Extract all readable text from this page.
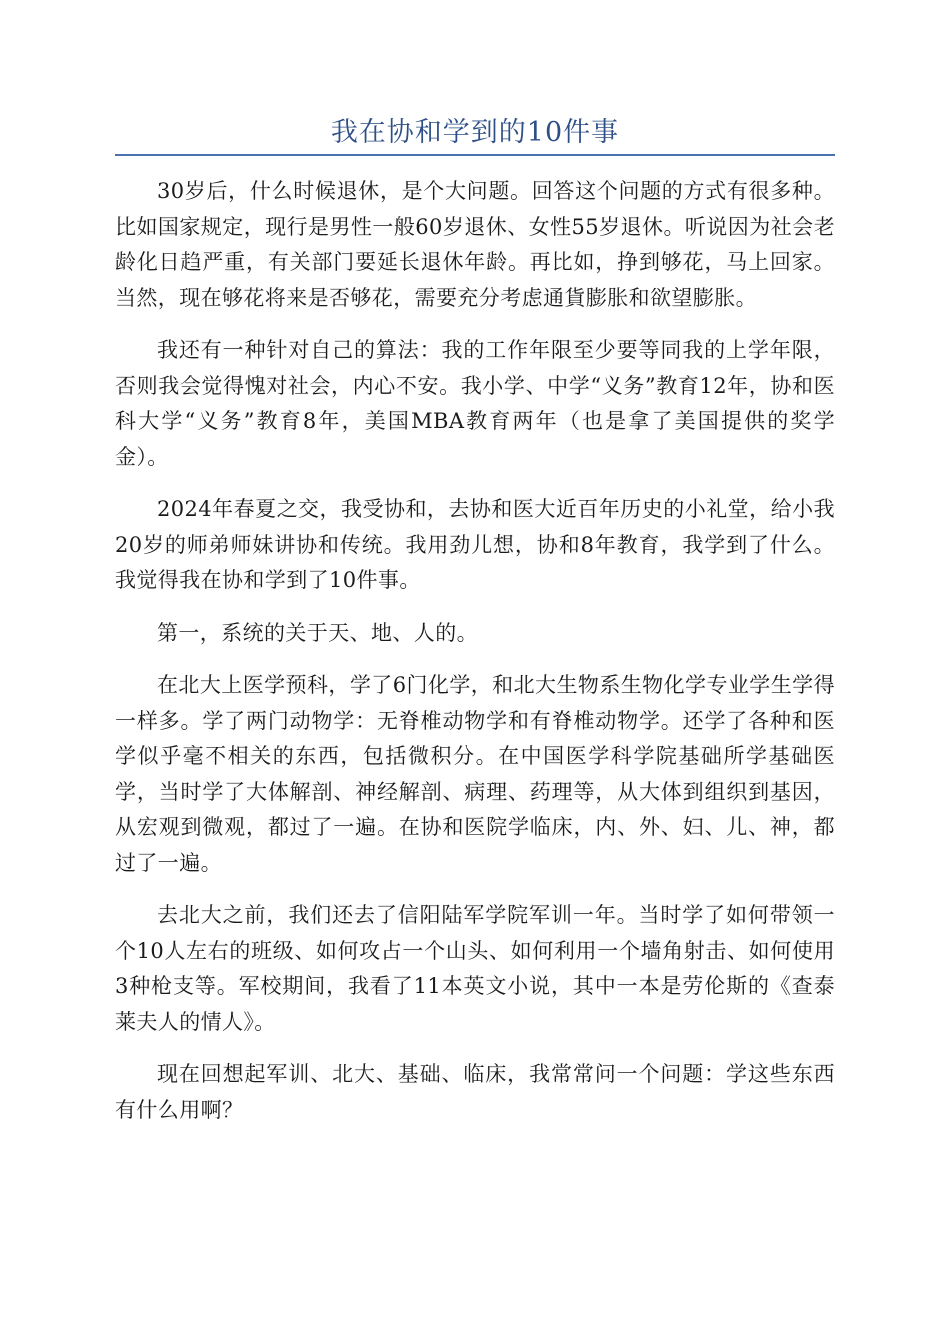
我在协和学到的10件事

30岁后，什么时候退休，是个大问题。回答这个问题的方式有很多种。比如国家规定，现行是男性一般60岁退休、女性55岁退休。听说因为社会老龄化日趋严重，有关部门要延长退休年龄。再比如，挣到够花，马上回家。当然，现在够花将来是否够花，需要充分考虑通貨膨胀和欲望膨胀。

我还有一种针对自己的算法：我的工作年限至少要等同我的上学年限，否则我会觉得愧对社会，内心不安。我小学、中学“义务”教育12年，协和医科大学“义务”教育8年，美国MBA教育两年（也是拿了美国提供的奖学金）。

2024年春夏之交，我受协和，去协和医大近百年历史的小礼堂，给小我20岁的师弟师妹讲协和传统。我用劲儿想，协和8年教育，我学到了什么。我觉得我在协和学到了10件事。

第一，系统的关于天、地、人的。

在北大上医学预科，学了6门化学，和北大生物系生物化学专业学生学得一样多。学了两门动物学：无脊椎动物学和有脊椎动物学。还学了各种和医学似乎毫不相关的东西，包括微积分。在中国医学科学院基础所学基础医学，当时学了大体解剖、神经解剖、病理、药理等，从大体到组织到基因，从宏观到微观，都过了一遍。在协和医院学临床，内、外、妇、儿、神，都过了一遍。

去北大之前，我们还去了信阳陆军学院军训一年。当时学了如何带领一个10人左右的班级、如何攻占一个山头、如何利用一个墙角射击、如何使用3种枪支等。军校期间，我看了11本英文小说，其中一本是劳伦斯的《查泰莱夫人的情人》。

现在回想起军训、北大、基础、临床，我常常问一个问题：学这些东西有什么用啊？
